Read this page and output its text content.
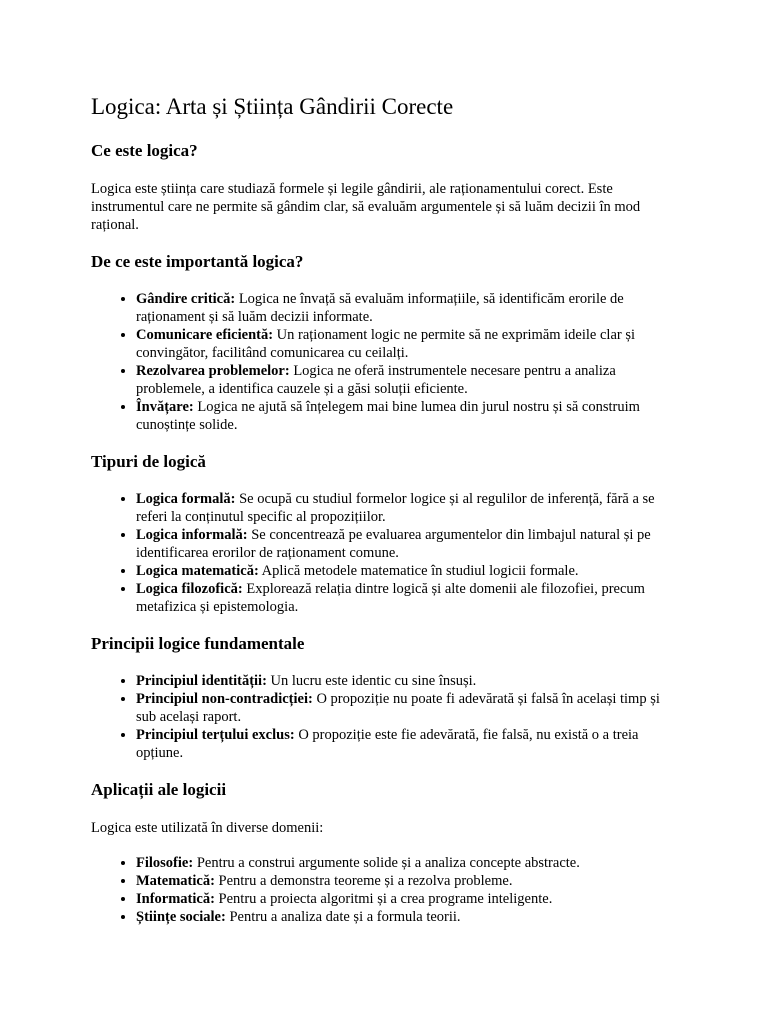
Logica: Arta și Știința Gândirii Corecte
Ce este logica?

Logica este știința care studiază formele și legile gândirii, ale raționamentului corect. Este instrumentul care ne permite să gândim clar, să evaluăm argumentele și să luăm decizii în mod rațional.

De ce este importantă logica?
• Gândire critică: Logica ne învață să evaluăm informațiile, să identificăm erorile de raționament și să luăm decizii informate.
• Comunicare eficientă: Un raționament logic ne permite să ne exprimăm ideile clar și convingător, facilitând comunicarea cu ceilalți.
• Rezolvarea problemelor: Logica ne oferă instrumentele necesare pentru a analiza problemele, a identifica cauzele și a găsi soluții eficiente.
• Învățare: Logica ne ajută să înțelegem mai bine lumea din jurul nostru și să construim cunoștințe solide.
Tipuri de logică
• Logica formală: Se ocupă cu studiul formelor logice și al regulilor de inferență, fără a se referi la conținutul specific al propozițiilor.
• Logica informală: Se concentrează pe evaluarea argumentelor din limbajul natural și pe identificarea erorilor de raționament comune.
• Logica matematică: Aplică metodele matematice în studiul logicii formale.
• Logica filozofică: Explorează relația dintre logică și alte domenii ale filozofiei, precum metafizica și epistemologia.
Principii logice fundamentale
• Principiul identității: Un lucru este identic cu sine însuși.
• Principiul non-contradicției: O propoziție nu poate fi adevărată și falsă în același timp și sub același raport.
• Principiul terțului exclus: O propoziție este fie adevărată, fie falsă, nu există o a treia opțiune.
Aplicații ale logicii

Logica este utilizată în diverse domenii:

• Filosofie: Pentru a construi argumente solide și a analiza concepte abstracte.
• Matematică: Pentru a demonstra teoreme și a rezolva probleme.
• Informatică: Pentru a proiecta algoritmi și a crea programe inteligente.
• Științe sociale: Pentru a analiza date și a formula teorii.
